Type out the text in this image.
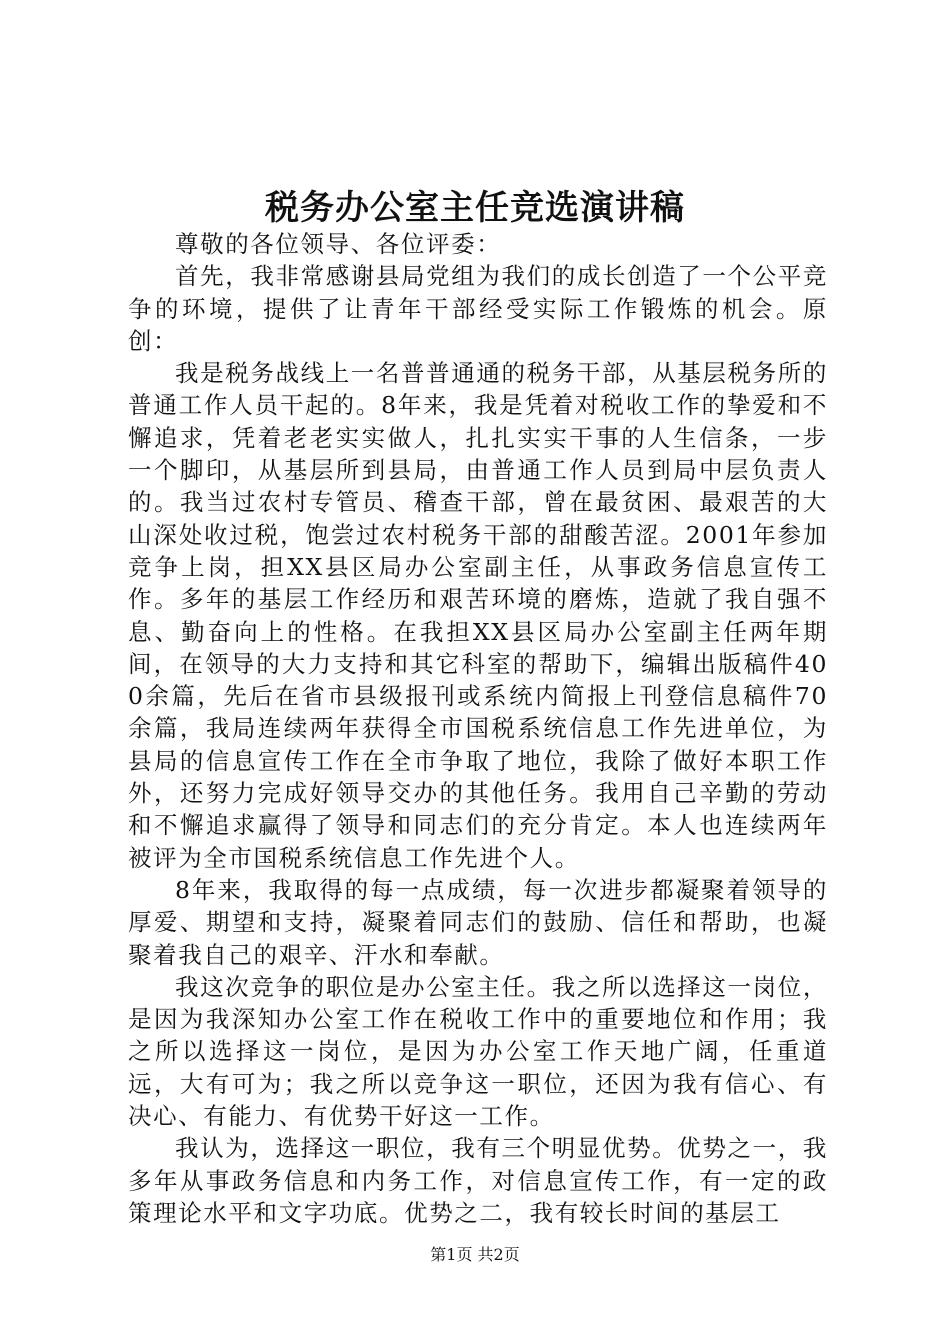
税务办公室主任竞选演讲稿

尊敬的各位领导、各位评委：

首先，我非常感谢县局党组为我们的成长创造了一个公平竞争的环境，提供了让青年干部经受实际工作锻炼的机会。原创：

我是税务战线上一名普普通通的税务干部，从基层税务所的普通工作人员干起的。8年来，我是凭着对税收工作的挚爱和不懈追求，凭着老老实实做人，扎扎实实干事的人生信条，一步一个脚印，从基层所到县局，由普通工作人员到局中层负责人的。我当过农村专管员、稽查干部，曾在最贫困、最艰苦的大山深处收过税，饱尝过农村税务干部的甜酸苦涩。2001年参加竞争上岗，担XX县区局办公室副主任，从事政务信息宣传工作。多年的基层工作经历和艰苦环境的磨炼，造就了我自强不息、勤奋向上的性格。在我担XX县区局办公室副主任两年期间，在领导的大力支持和其它科室的帮助下，编辑出版稿件400余篇，先后在省市县级报刊或系统内简报上刊登信息稿件70余篇，我局连续两年获得全市国税系统信息工作先进单位，为县局的信息宣传工作在全市争取了地位，我除了做好本职工作外，还努力完成好领导交办的其他任务。我用自己辛勤的劳动和不懈追求赢得了领导和同志们的充分肯定。本人也连续两年被评为全市国税系统信息工作先进个人。

8年来，我取得的每一点成绩，每一次进步都凝聚着领导的厚爱、期望和支持，凝聚着同志们的鼓励、信任和帮助，也凝聚着我自己的艰辛、汗水和奉献。

我这次竞争的职位是办公室主任。我之所以选择这一岗位，是因为我深知办公室工作在税收工作中的重要地位和作用；我之所以选择这一岗位，是因为办公室工作天地广阔，任重道远，大有可为；我之所以竞争这一职位，还因为我有信心、有决心、有能力、有优势干好这一工作。

我认为，选择这一职位，我有三个明显优势。优势之一，我多年从事政务信息和内务工作，对信息宣传工作，有一定的政策理论水平和文字功底。优势之二，我有较长时间的基层工

第1页 共2页
